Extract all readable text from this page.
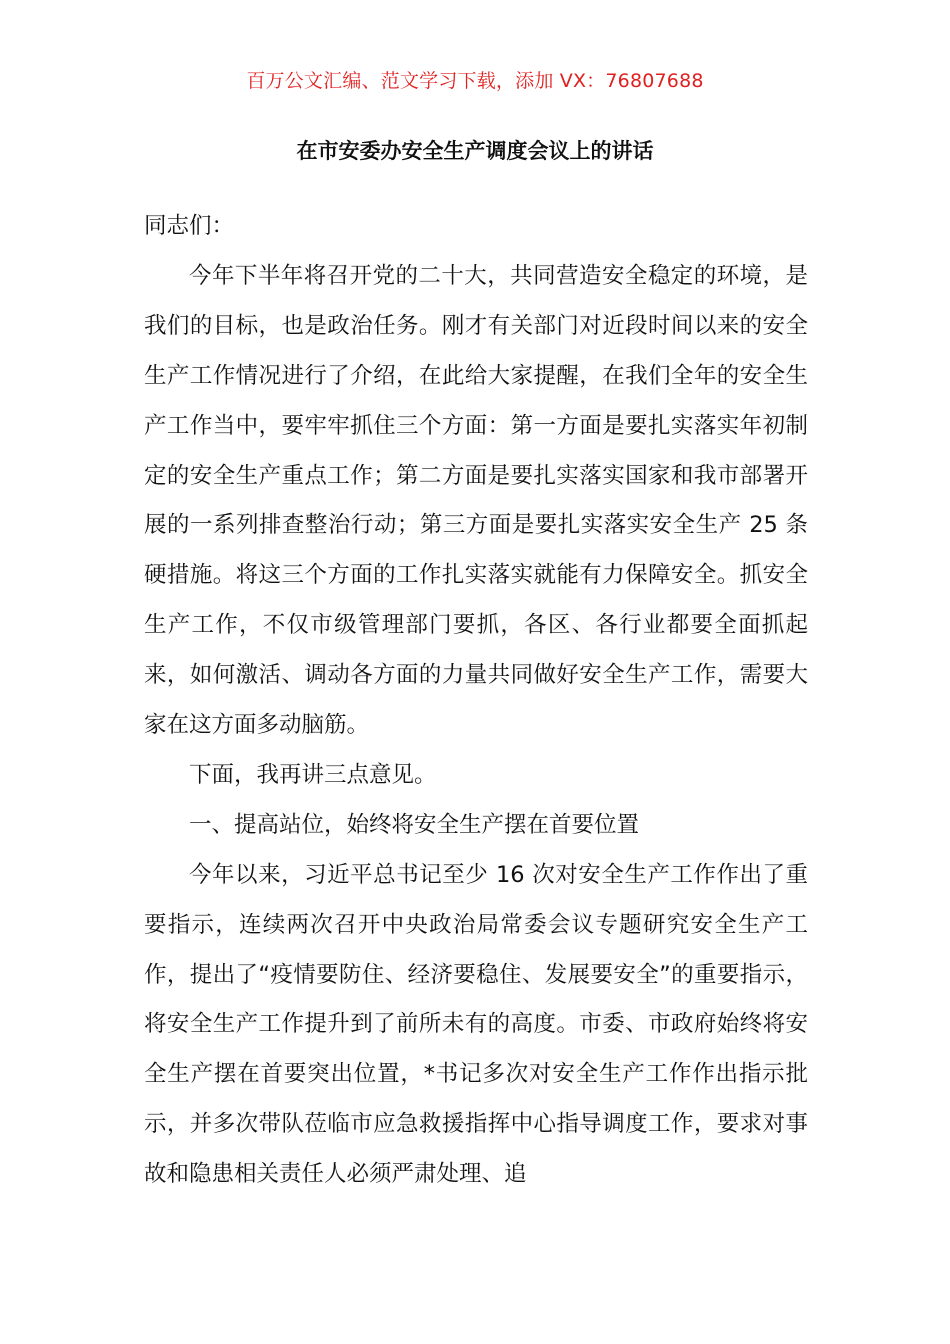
百万公文汇编、范文学习下载，添加 VX：76807688
在市安委办安全生产调度会议上的讲话

同志们：

今年下半年将召开党的二十大，共同营造安全稳定的环境，是我们的目标，也是政治任务。刚才有关部门对近段时间以来的安全生产工作情况进行了介绍，在此给大家提醒，在我们全年的安全生产工作当中，要牢牢抓住三个方面：第一方面是要扎实落实年初制定的安全生产重点工作；第二方面是要扎实落实国家和我市部署开展的一系列排查整治行动；第三方面是要扎实落实安全生产 25 条硬措施。将这三个方面的工作扎实落实就能有力保障安全。抓安全生产工作，不仅市级管理部门要抓，各区、各行业都要全面抓起来，如何激活、调动各方面的力量共同做好安全生产工作，需要大家在这方面多动脑筋。

下面，我再讲三点意见。

一、提高站位，始终将安全生产摆在首要位置

今年以来，习近平总书记至少 16 次对安全生产工作作出了重要指示，连续两次召开中央政治局常委会议专题研究安全生产工作，提出了“疫情要防住、经济要稳住、发展要安全”的重要指示，将安全生产工作提升到了前所未有的高度。市委、市政府始终将安全生产摆在首要突出位置，*书记多次对安全生产工作作出指示批示，并多次带队莅临市应急救援指挥中心指导调度工作，要求对事故和隐患相关责任人必须严肃处理、追
